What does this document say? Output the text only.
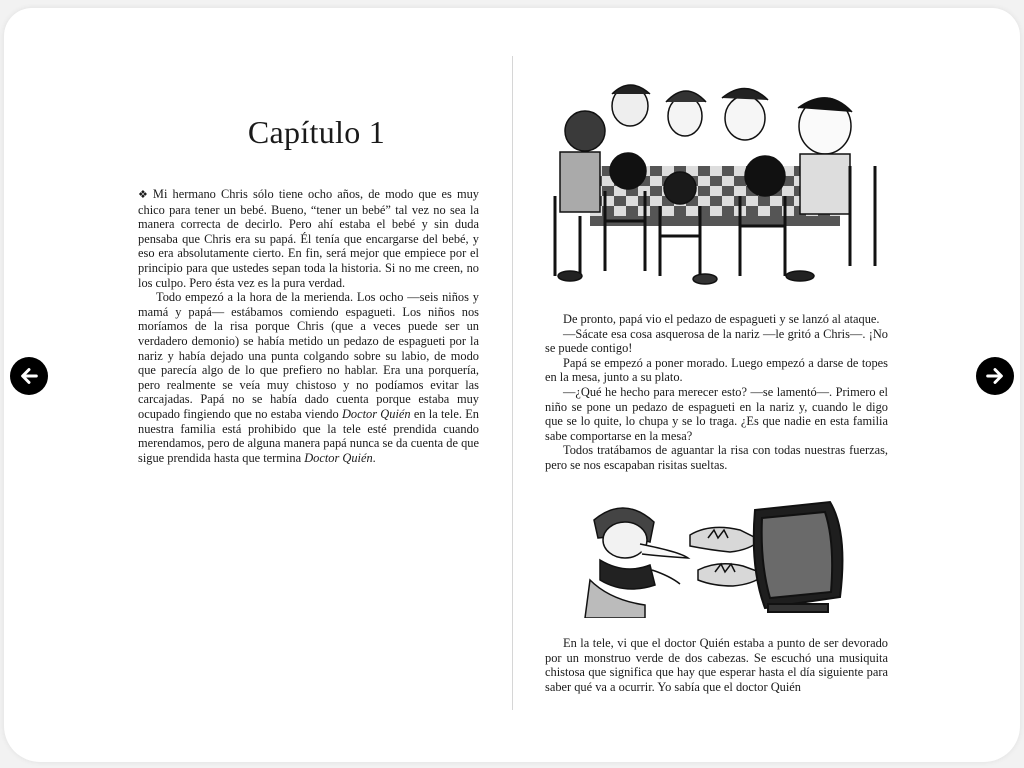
Capítulo 1

❖ Mi hermano Chris sólo tiene ocho años, de modo que es muy chico para tener un bebé. Bueno, “tener un bebé” tal vez no sea la manera correcta de decirlo. Pero ahí estaba el bebé y sin duda pensaba que Chris era su papá. Él tenía que encargarse del bebé, y eso era absolutamente cierto. En fin, será mejor que empiece por el principio para que ustedes sepan toda la historia. Si no me creen, no los culpo. Pero ésta vez es la pura verdad.

Todo empezó a la hora de la merienda. Los ocho —seis niños y mamá y papá— estábamos comiendo espagueti. Los niños nos moríamos de la risa porque Chris (que a veces puede ser un verdadero demonio) se había metido un pedazo de espagueti por la nariz y había dejado una punta colgando sobre su labio, de modo que parecía algo de lo que prefiero no hablar. Era una porquería, pero realmente se veía muy chistoso y no podíamos evitar las carcajadas. Papá no se había dado cuenta porque estaba muy ocupado fingiendo que no estaba viendo Doctor Quién en la tele. En nuestra familia está prohibido que la tele esté prendida cuando merendamos, pero de alguna manera papá nunca se da cuenta de que sigue prendida hasta que termina Doctor Quién.

De pronto, papá vio el pedazo de espagueti y se lanzó al ataque.

—Sácate esa cosa asquerosa de la nariz —le gritó a Chris—. ¡No se puede contigo!

Papá se empezó a poner morado. Luego empezó a darse de topes en la mesa, junto a su plato.

—¿Qué he hecho para merecer esto? —se lamentó—. Primero el niño se pone un pedazo de espagueti en la nariz y, cuando le digo que se lo quite, lo chupa y se lo traga. ¿Es que nadie en esta familia sabe comportarse en la mesa?

Todos tratábamos de aguantar la risa con todas nuestras fuerzas, pero se nos escapaban risitas sueltas.

En la tele, vi que el doctor Quién estaba a punto de ser devorado por un monstruo verde de dos cabezas. Se escuchó una musiquita chistosa que significa que hay que esperar hasta el día siguiente para saber qué va a ocurrir. Yo sabía que el doctor Quién
